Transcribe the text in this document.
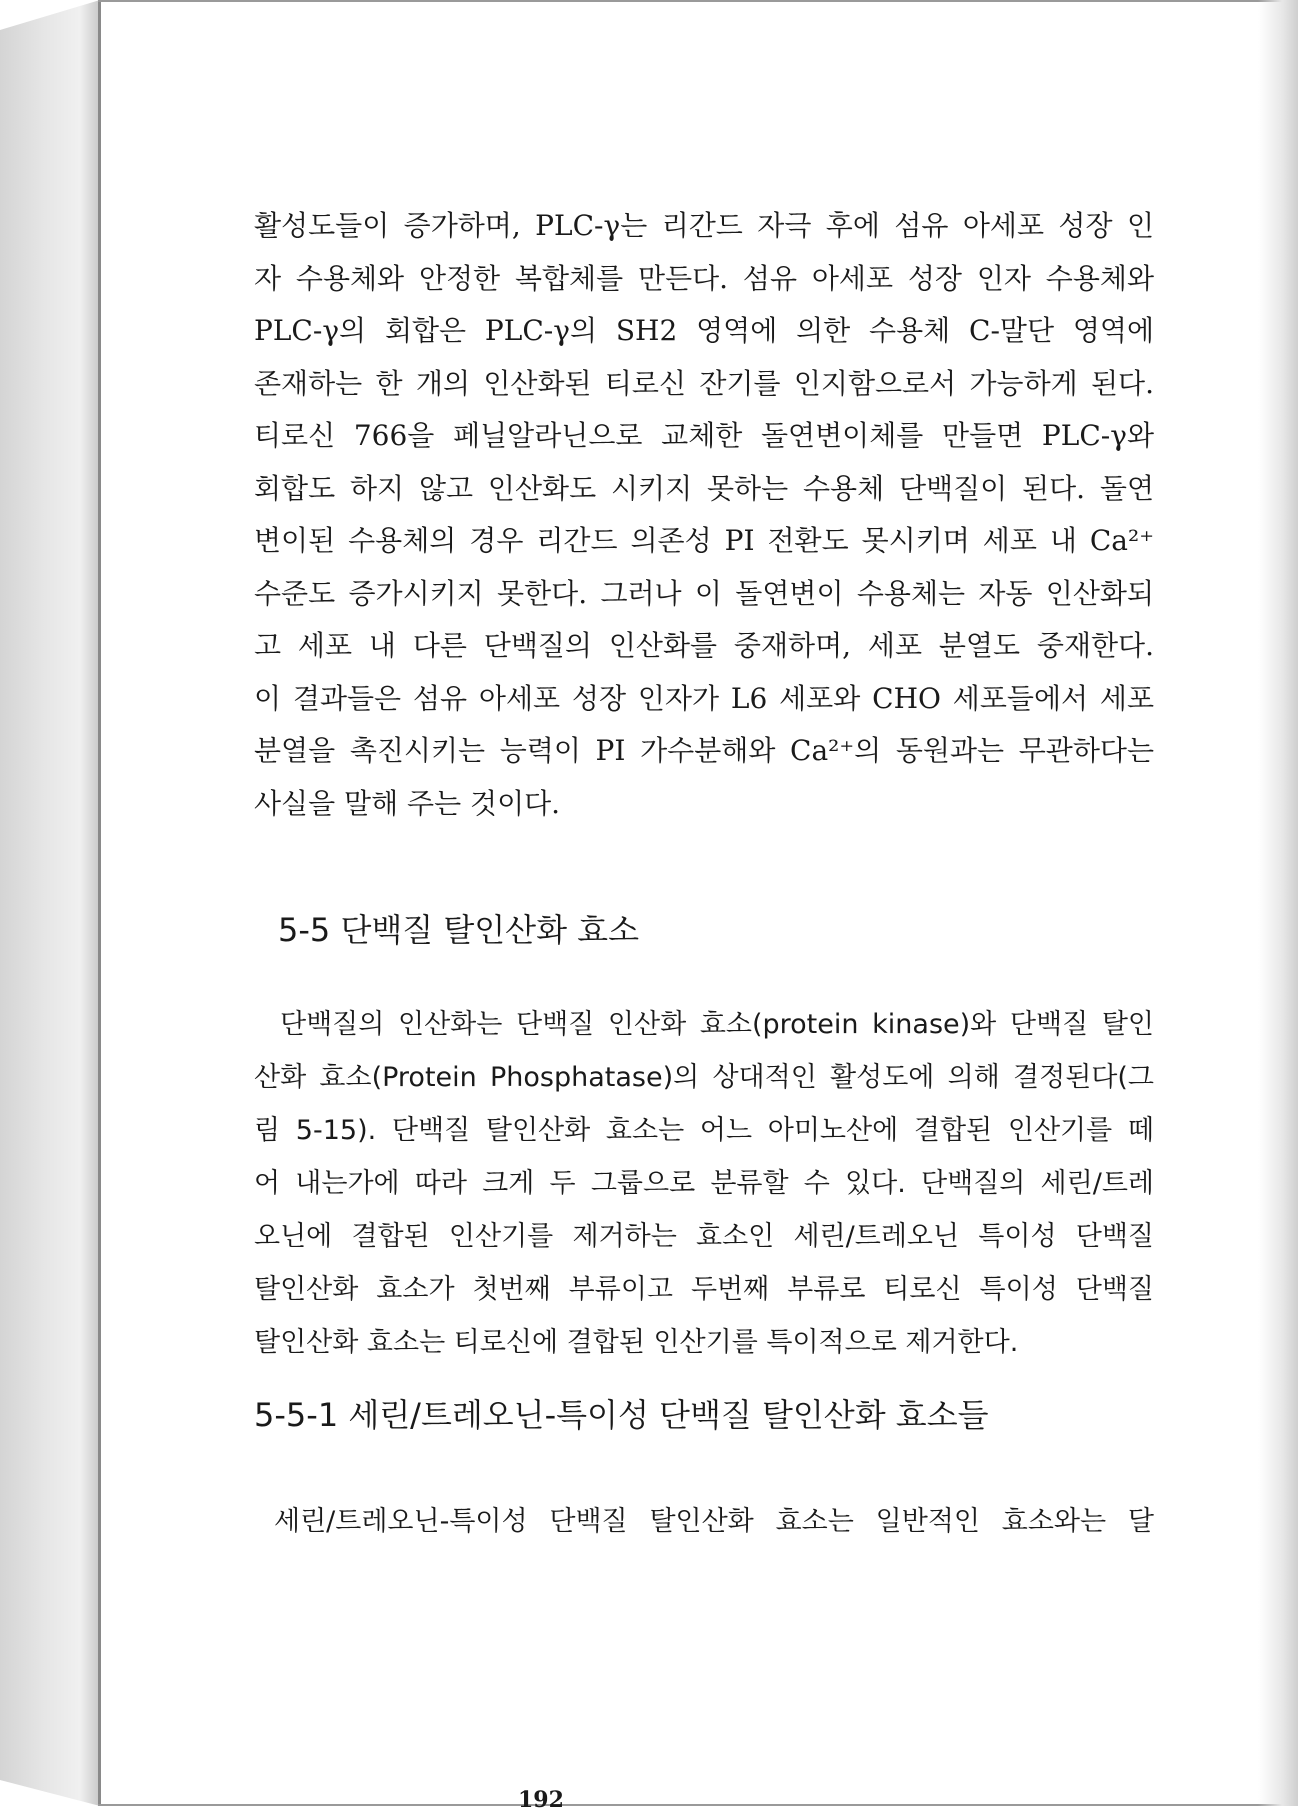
활성도들이 증가하며, PLC-γ는 리간드 자극 후에 섬유 아세포 성장 인

자 수용체와 안정한 복합체를 만든다. 섬유 아세포 성장 인자 수용체와

PLC-γ의 회합은 PLC-γ의 SH2 영역에 의한 수용체 C-말단 영역에

존재하는 한 개의 인산화된 티로신 잔기를 인지함으로서 가능하게 된다.

티로신 766을 페닐알라닌으로 교체한 돌연변이체를 만들면 PLC-γ와

회합도 하지 않고 인산화도 시키지 못하는 수용체 단백질이 된다. 돌연

변이된 수용체의 경우 리간드 의존성 PI 전환도 못시키며 세포 내 Ca²⁺

수준도 증가시키지 못한다. 그러나 이 돌연변이 수용체는 자동 인산화되

고 세포 내 다른 단백질의 인산화를 중재하며, 세포 분열도 중재한다.

이 결과들은 섬유 아세포 성장 인자가 L6 세포와 CHO 세포들에서 세포

분열을 촉진시키는 능력이 PI 가수분해와 Ca²⁺의 동원과는 무관하다는

사실을 말해 주는 것이다.

5-5 단백질 탈인산화 효소

단백질의 인산화는 단백질 인산화 효소(protein kinase)와 단백질 탈인

산화 효소(Protein Phosphatase)의 상대적인 활성도에 의해 결정된다(그

림 5-15). 단백질 탈인산화 효소는 어느 아미노산에 결합된 인산기를 떼

어 내는가에 따라 크게 두 그룹으로 분류할 수 있다. 단백질의 세린/트레

오닌에 결합된 인산기를 제거하는 효소인 세린/트레오닌 특이성 단백질

탈인산화 효소가 첫번째 부류이고 두번째 부류로 티로신 특이성 단백질

탈인산화 효소는 티로신에 결합된 인산기를 특이적으로 제거한다.

5-5-1 세린/트레오닌-특이성 단백질 탈인산화 효소들

세린/트레오닌-특이성 단백질 탈인산화 효소는 일반적인 효소와는 달

192
